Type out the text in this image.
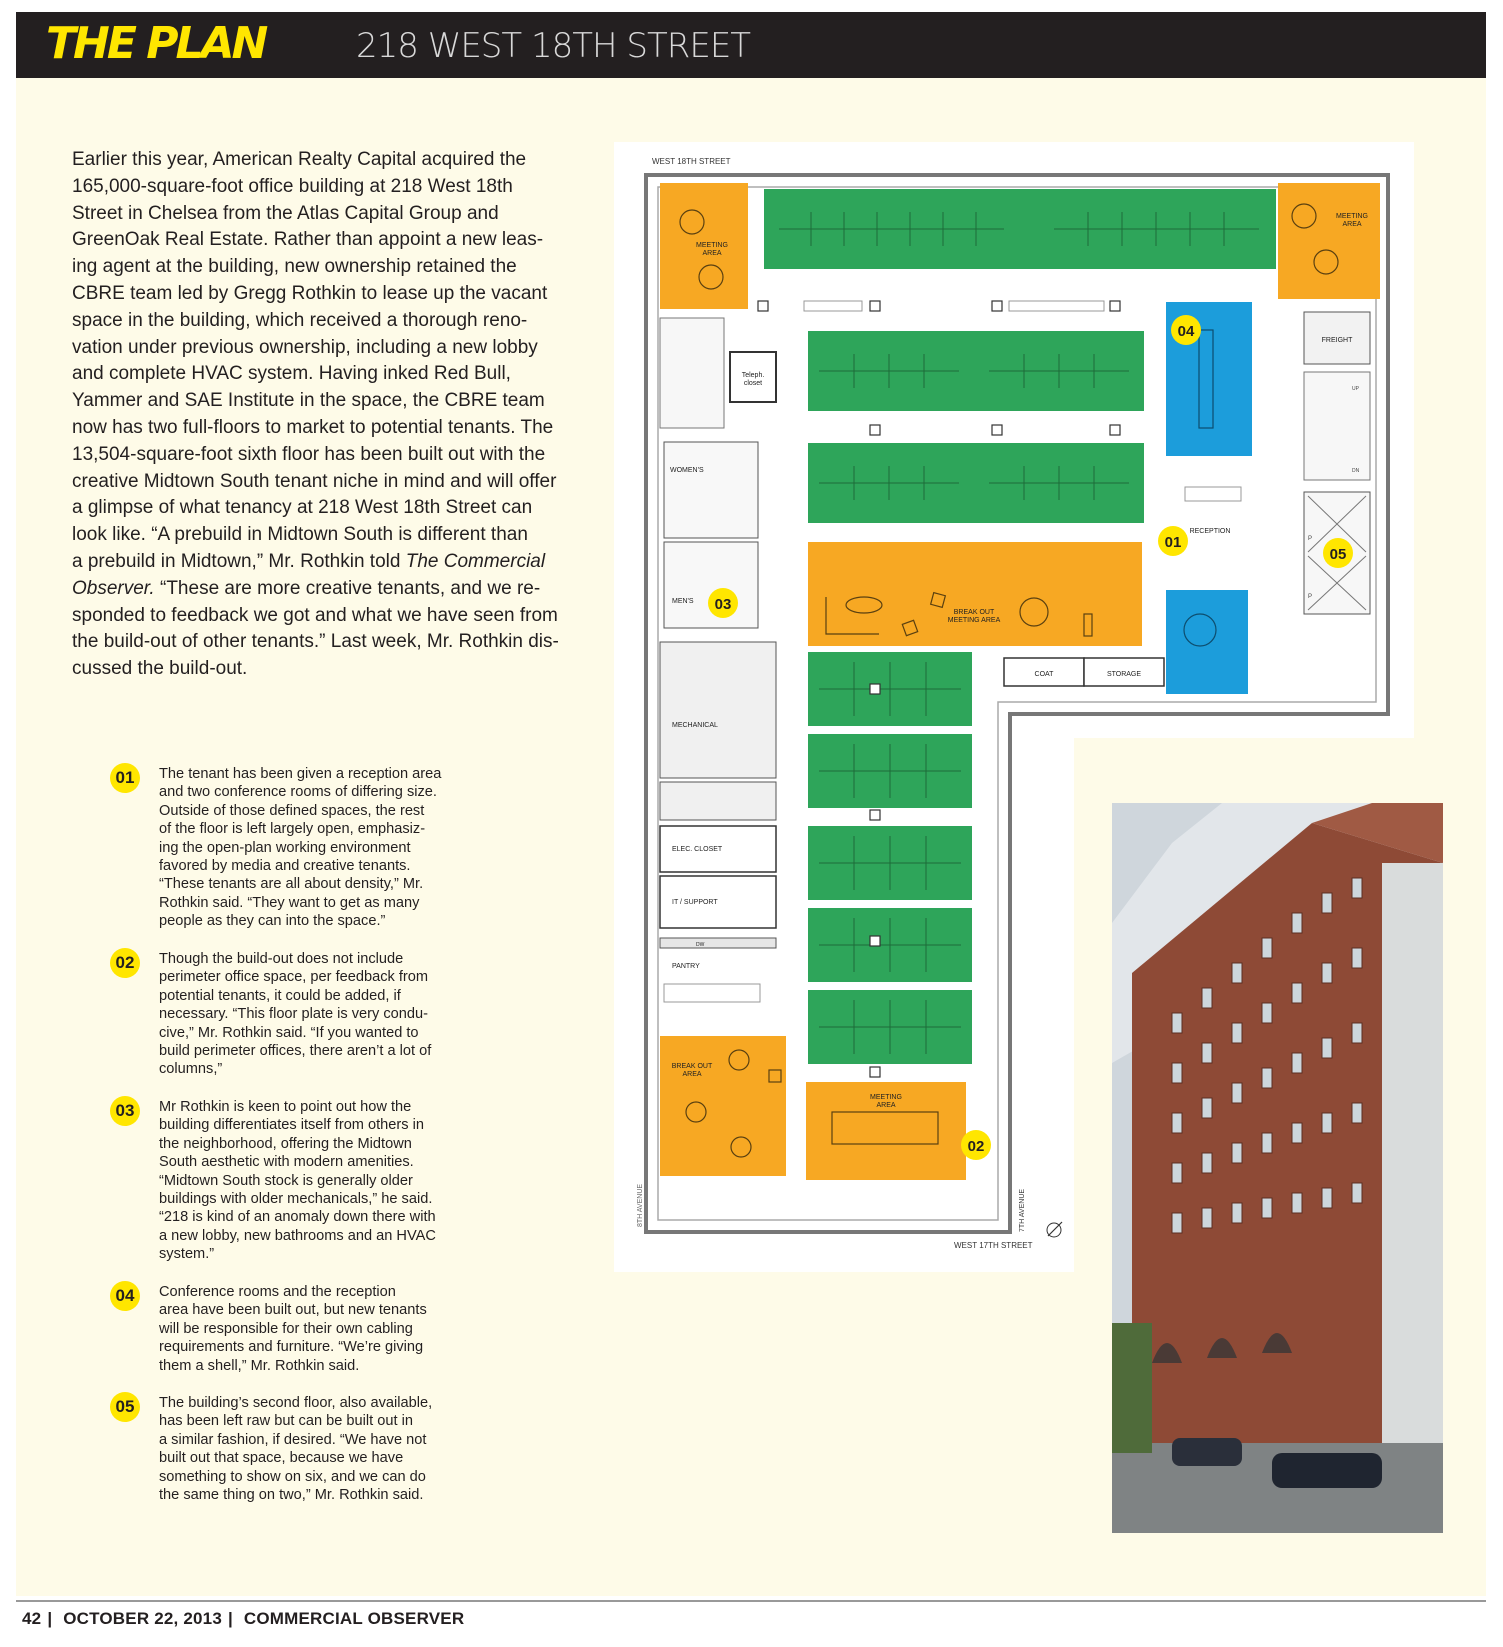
THE PLAN	218 WEST 18TH STREET
Earlier this year, American Realty Capital acquired the
165,000-square-foot office building at 218 West 18th
Street in Chelsea from the Atlas Capital Group and
GreenOak Real Estate. Rather than appoint a new leas-
ing agent at the building, new ownership retained the
CBRE team led by Gregg Rothkin to lease up the vacant
space in the building, which received a thorough reno-
vation under previous ownership, including a new lobby
and complete HVAC system. Having inked Red Bull,
Yammer and SAE Institute in the space, the CBRE team
now has two full-floors to market to potential tenants. The
13,504-square-foot sixth floor has been built out with the
creative Midtown South tenant niche in mind and will offer
a glimpse of what tenancy at 218 West 18th Street can
look like. “A prebuild in Midtown South is different than
a prebuild in Midtown,” Mr. Rothkin told The Commercial
Observer. “These are more creative tenants, and we re-
sponded to feedback we got and what we have seen from
the build-out of other tenants.” Last week, Mr. Rothkin dis-
cussed the build-out.
01	The tenant has been given a reception area
and two conference rooms of differing size.
Outside of those defined spaces, the rest
of the floor is left largely open, emphasiz-
ing the open-plan working environment
favored by media and creative tenants.
“These tenants are all about density,” Mr.
Rothkin said. “They want to get as many
people as they can into the space.”
02	Though the build-out does not include
perimeter office space, per feedback from
potential tenants, it could be added, if
necessary. “This floor plate is very condu-
cive,” Mr. Rothkin said. “If you wanted to
build perimeter offices, there aren’t a lot of
columns,”
03	Mr Rothkin is keen to point out how the
building differentiates itself from others in
the neighborhood, offering the Midtown
South aesthetic with modern amenities.
“Midtown South stock is generally older
buildings with older mechanicals,” he said.
“218 is kind of an anomaly down there with
a new lobby, new bathrooms and an HVAC
system.”
04	Conference rooms and the reception
area have been built out, but new tenants
will be responsible for their own cabling
requirements and furniture. “We’re giving
them a shell,” Mr. Rothkin said.
05	The building’s second floor, also available,
has been left raw but can be built out in
a similar fashion, if desired. “We have not
built out that space, because we have
something to show on six, and we can do
the same thing on two,” Mr. Rothkin said.
WEST 18TH STREET
WEST 17TH STREET
8TH AVENUE	7TH AVENUE
MEETING
AREA
MEETING
AREA
BREAK OUT
MEETING AREA
BREAK OUT
AREA
MEETING
AREA
RECEPTION
COAT	STORAGE
FREIGHT
UP
DN
P
P
Teleph.
closet
WOMEN'S
MEN'S
MECHANICAL
ELEC. CLOSET
IT / SUPPORT
DW
PANTRY
01
02
03
04
05
42 | OCTOBER 22, 2013 | COMMERCIAL OBSERVER
